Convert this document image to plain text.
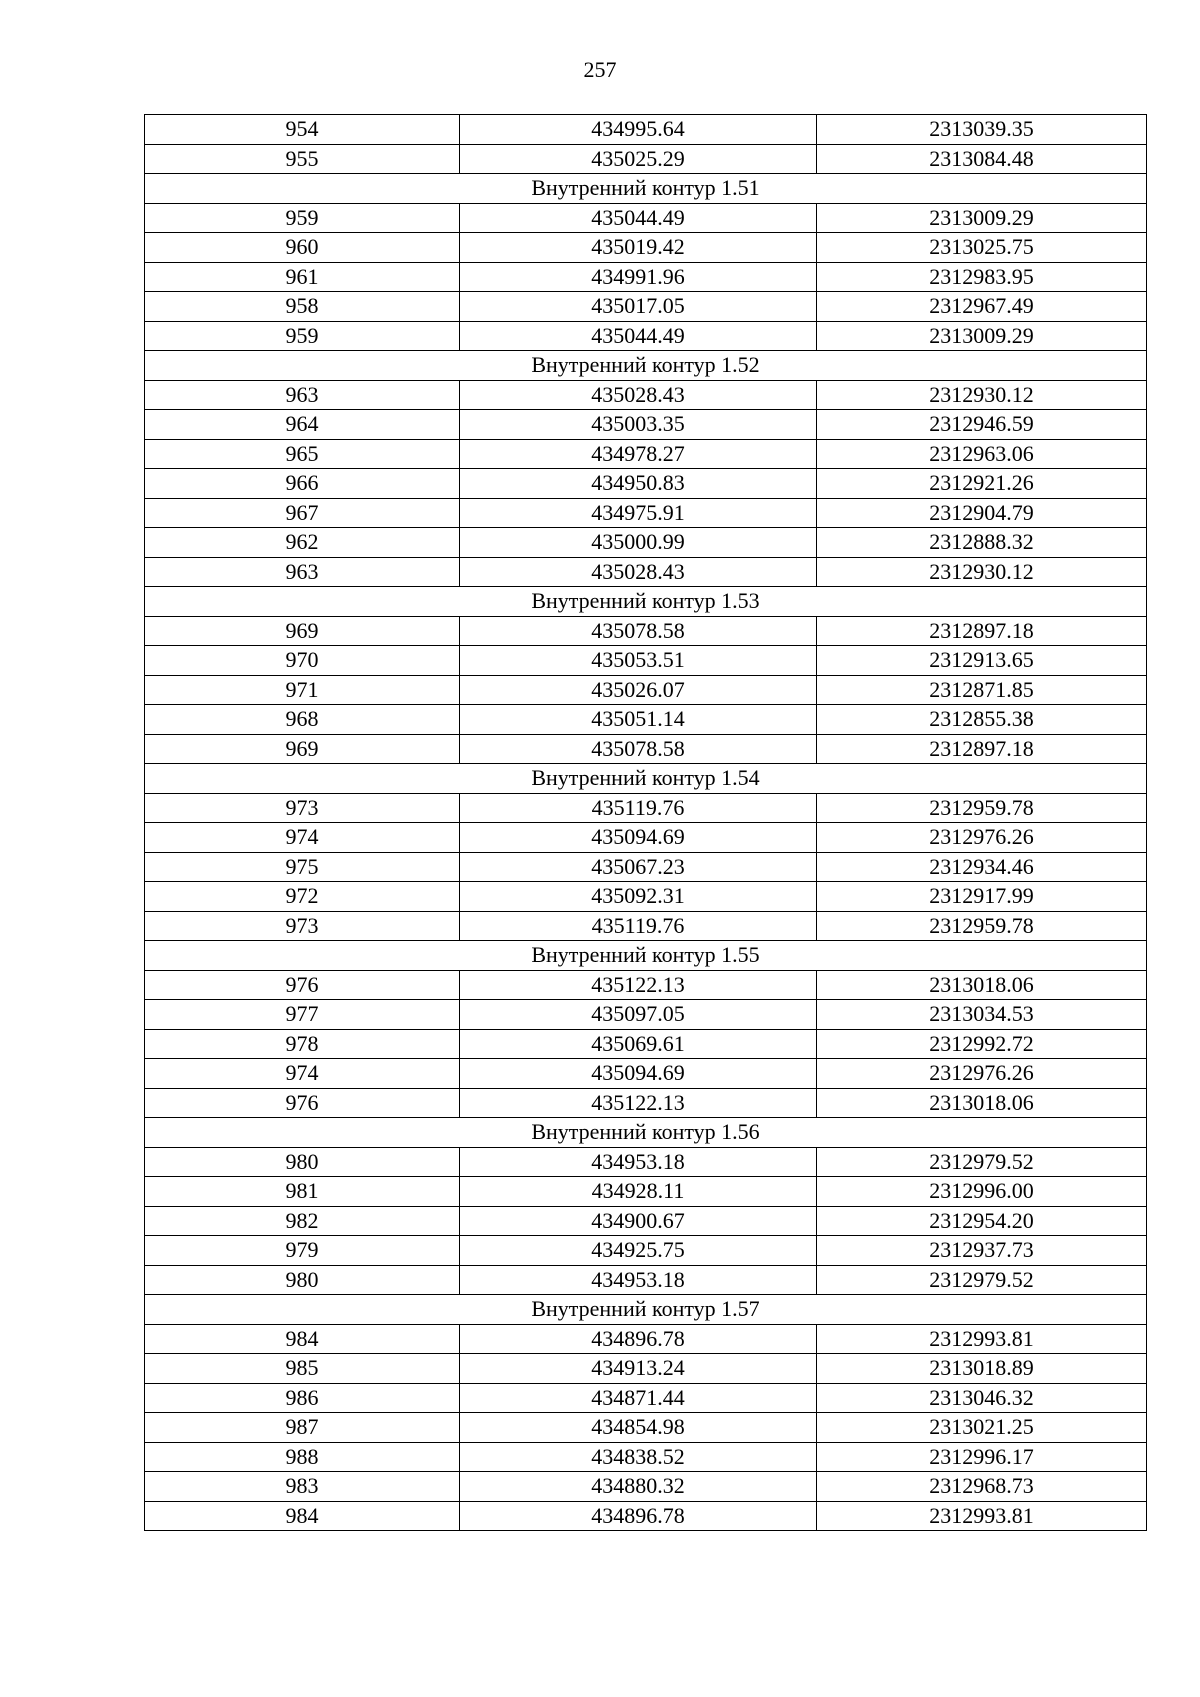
257
954	434995.64	2313039.35
955	435025.29	2313084.48
Внутренний контур 1.51		
959	435044.49	2313009.29
960	435019.42	2313025.75
961	434991.96	2312983.95
958	435017.05	2312967.49
959	435044.49	2313009.29
Внутренний контур 1.52		
963	435028.43	2312930.12
964	435003.35	2312946.59
965	434978.27	2312963.06
966	434950.83	2312921.26
967	434975.91	2312904.79
962	435000.99	2312888.32
963	435028.43	2312930.12
Внутренний контур 1.53		
969	435078.58	2312897.18
970	435053.51	2312913.65
971	435026.07	2312871.85
968	435051.14	2312855.38
969	435078.58	2312897.18
Внутренний контур 1.54		
973	435119.76	2312959.78
974	435094.69	2312976.26
975	435067.23	2312934.46
972	435092.31	2312917.99
973	435119.76	2312959.78
Внутренний контур 1.55		
976	435122.13	2313018.06
977	435097.05	2313034.53
978	435069.61	2312992.72
974	435094.69	2312976.26
976	435122.13	2313018.06
Внутренний контур 1.56		
980	434953.18	2312979.52
981	434928.11	2312996.00
982	434900.67	2312954.20
979	434925.75	2312937.73
980	434953.18	2312979.52
Внутренний контур 1.57		
984	434896.78	2312993.81
985	434913.24	2313018.89
986	434871.44	2313046.32
987	434854.98	2313021.25
988	434838.52	2312996.17
983	434880.32	2312968.73
984	434896.78	2312993.81
